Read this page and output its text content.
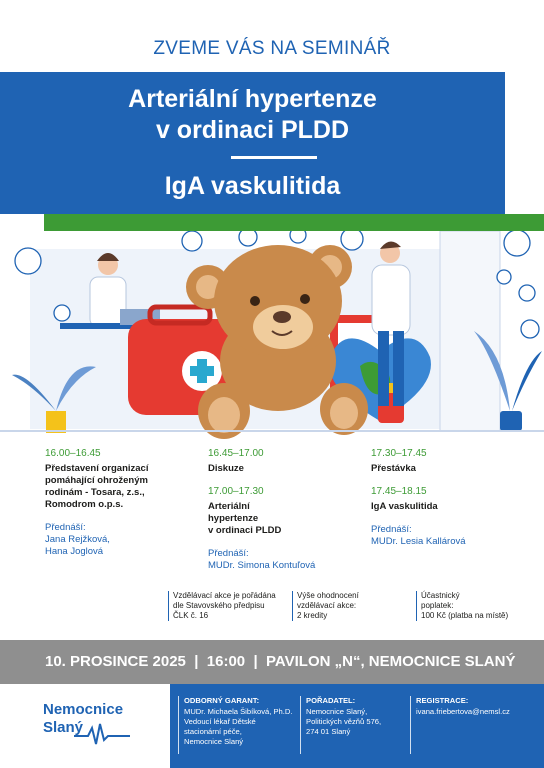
ZVEME VÁS NA SEMINÁŘ
Arteriální hypertenze
v ordinaci PLDD
IgA vaskulitida
16.00–16.45
Představení organizací
pomáhající ohroženým
rodinám - Tosara, z.s.,
Romodrom o.p.s.
Přednáší:
Jana Rejžková,
Hana Joglová
16.45–17.00
Diskuze
17.00–17.30
Arteriální
hypertenze
v ordinaci PLDD
Přednáší:
MUDr. Simona Kontuľová
17.30–17.45
Přestávka
17.45–18.15
IgA vaskulitida
Přednáší:
MUDr. Lesia Kallárová
Vzdělávací akce je pořádána
dle Stavovského předpisu
ČLK č. 16
Výše ohodnocení
vzdělávací akce:
2 kredity
Účastnický
poplatek:
100 Kč (platba na místě)
10. PROSINCE 2025  |  16:00  |  PAVILON „N“, NEMOCNICE SLANÝ
Nemocnice
Slaný
ODBORNÝ GARANT:
MUDr. Michaela Šibíková, Ph.D.
Vedoucí lékař Dětské
stacionární péče,
Nemocnice Slaný
POŘADATEL:
Nemocnice Slaný,
Politických vězňů 576,
274 01 Slaný
REGISTRACE:
ivana.friebertova@nemsl.cz
